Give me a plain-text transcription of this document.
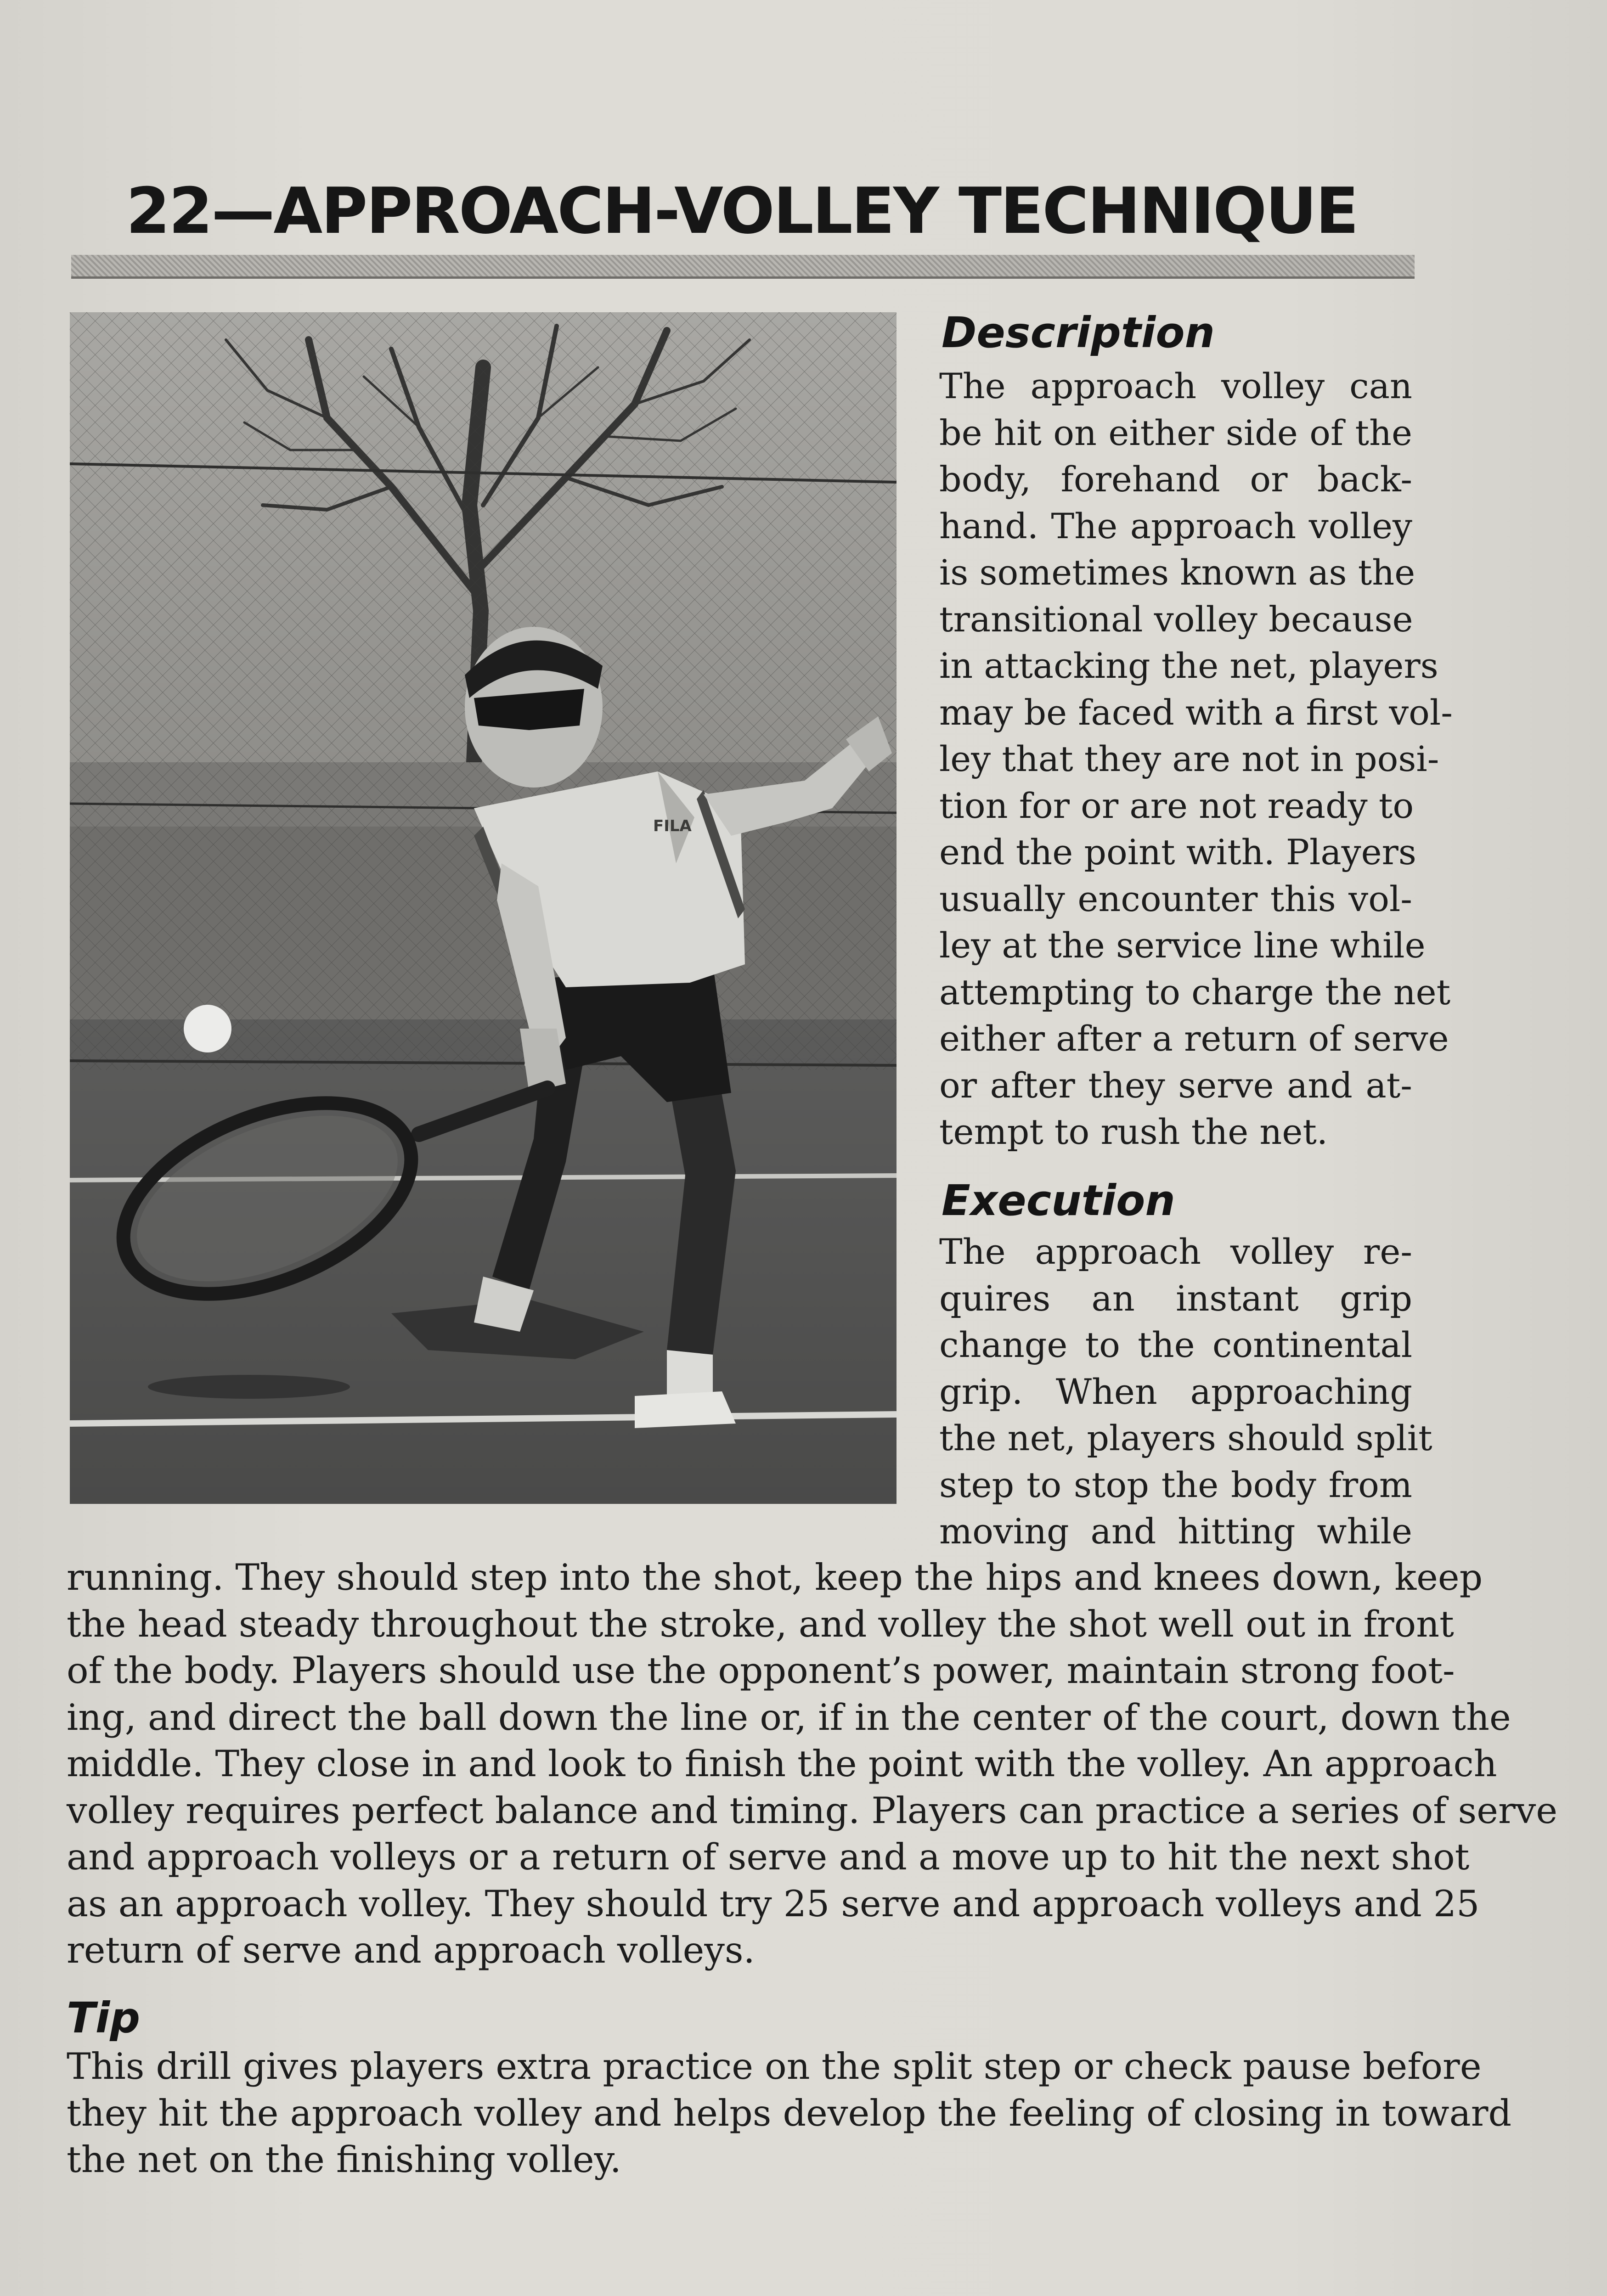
22—APPROACH-VOLLEY TECHNIQUE
FILA
Description
The approach volley can
be hit on either side of the
body, forehand or back-
hand. The approach volley
is sometimes known as the
transitional volley because
in attacking the net, players
may be faced with a first vol-
ley that they are not in posi-
tion for or are not ready to
end the point with. Players
usually encounter this vol-
ley at the service line while
attempting to charge the net
either after a return of serve
or after they serve and at-
tempt to rush the net.
Execution
The approach volley re-
quires an instant grip
change to the continental
grip. When approaching
the net, players should split
step to stop the body from
moving and hitting while
running. They should step into the shot, keep the hips and knees down, keep
the head steady throughout the stroke, and volley the shot well out in front
of the body. Players should use the opponent’s power, maintain strong foot-
ing, and direct the ball down the line or, if in the center of the court, down the
middle. They close in and look to finish the point with the volley. An approach
volley requires perfect balance and timing. Players can practice a series of serve
and approach volleys or a return of serve and a move up to hit the next shot
as an approach volley. They should try 25 serve and approach volleys and 25
return of serve and approach volleys.
Tip
This drill gives players extra practice on the split step or check pause before
they hit the approach volley and helps develop the feeling of closing in toward
the net on the finishing volley.
